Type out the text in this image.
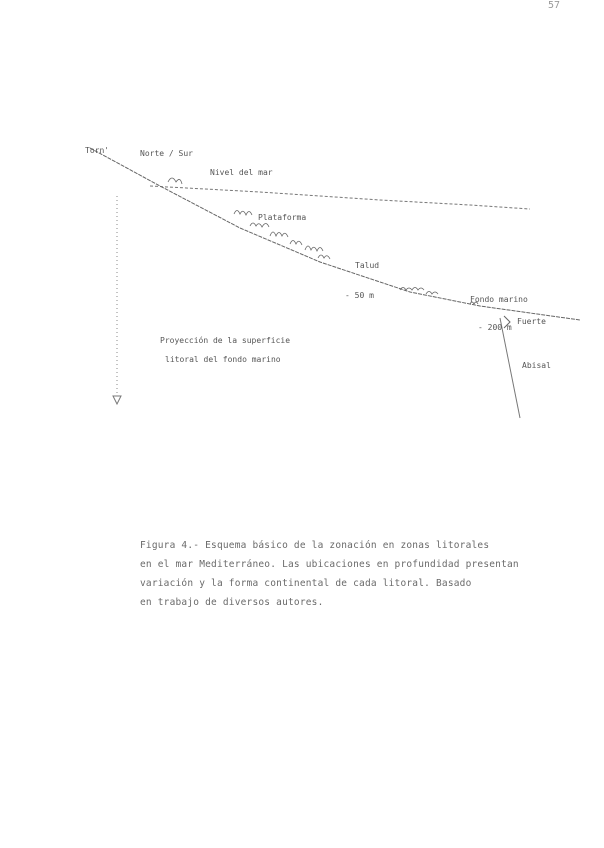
57
Torn'	Norte / Sur
Nivel del mar
Plataforma
Talud
- 50 m	Fondo marino
Fuerte
- 200 m
Abisal
Proyección de la superficie
litoral del fondo marino
Figura 4.- Esquema básico de la zonación en zonas litorales
en el mar Mediterráneo. Las ubicaciones en profundidad presentan
variación y la forma continental de cada litoral. Basado
en trabajo de diversos autores.
